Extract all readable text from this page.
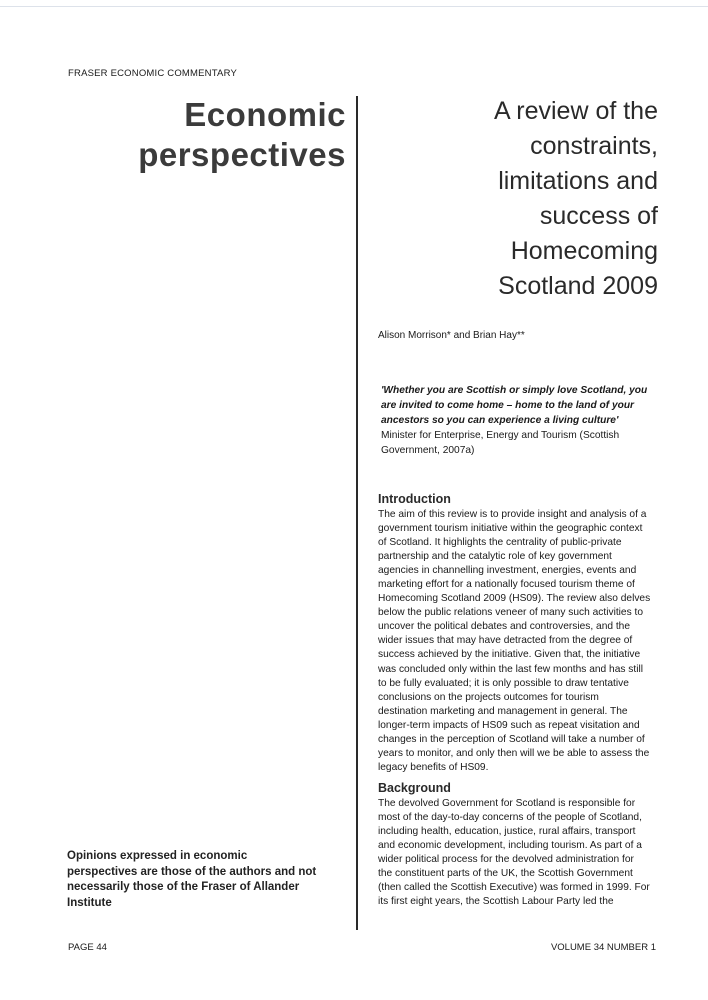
FRASER ECONOMIC COMMENTARY
Economic
perspectives
A review of the
constraints,
limitations and
success of
Homecoming
Scotland 2009
Alison Morrison* and Brian Hay**
'Whether you are Scottish or simply love Scotland, you
are invited to come home – home to the land of your
ancestors so you can experience a living culture'
Minister for Enterprise, Energy and Tourism (Scottish
Government, 2007a)
Introduction
The aim of this review is to provide insight and analysis of a
government tourism initiative within the geographic context
of Scotland. It highlights the centrality of public-private
partnership and the catalytic role of key government
agencies in channelling investment, energies, events and
marketing effort for a nationally focused tourism theme of
Homecoming Scotland 2009 (HS09). The review also delves
below the public relations veneer of many such activities to
uncover the political debates and controversies, and the
wider issues that may have detracted from the degree of
success achieved by the initiative. Given that, the initiative
was concluded only within the last few months and has still
to be fully evaluated; it is only possible to draw tentative
conclusions on the projects outcomes for tourism
destination marketing and management in general. The
longer-term impacts of HS09 such as repeat visitation and
changes in the perception of Scotland will take a number of
years to monitor, and only then will we be able to assess the
legacy benefits of HS09.
Background
The devolved Government for Scotland is responsible for
most of the day-to-day concerns of the people of Scotland,
including health, education, justice, rural affairs, transport
and economic development, including tourism. As part of a
wider political process for the devolved administration for
the constituent parts of the UK, the Scottish Government
(then called the Scottish Executive) was formed in 1999. For
its first eight years, the Scottish Labour Party led the
Opinions expressed in economic
perspectives are those of the authors and not
necessarily those of the Fraser of Allander
Institute
PAGE 44	VOLUME 34 NUMBER 1
